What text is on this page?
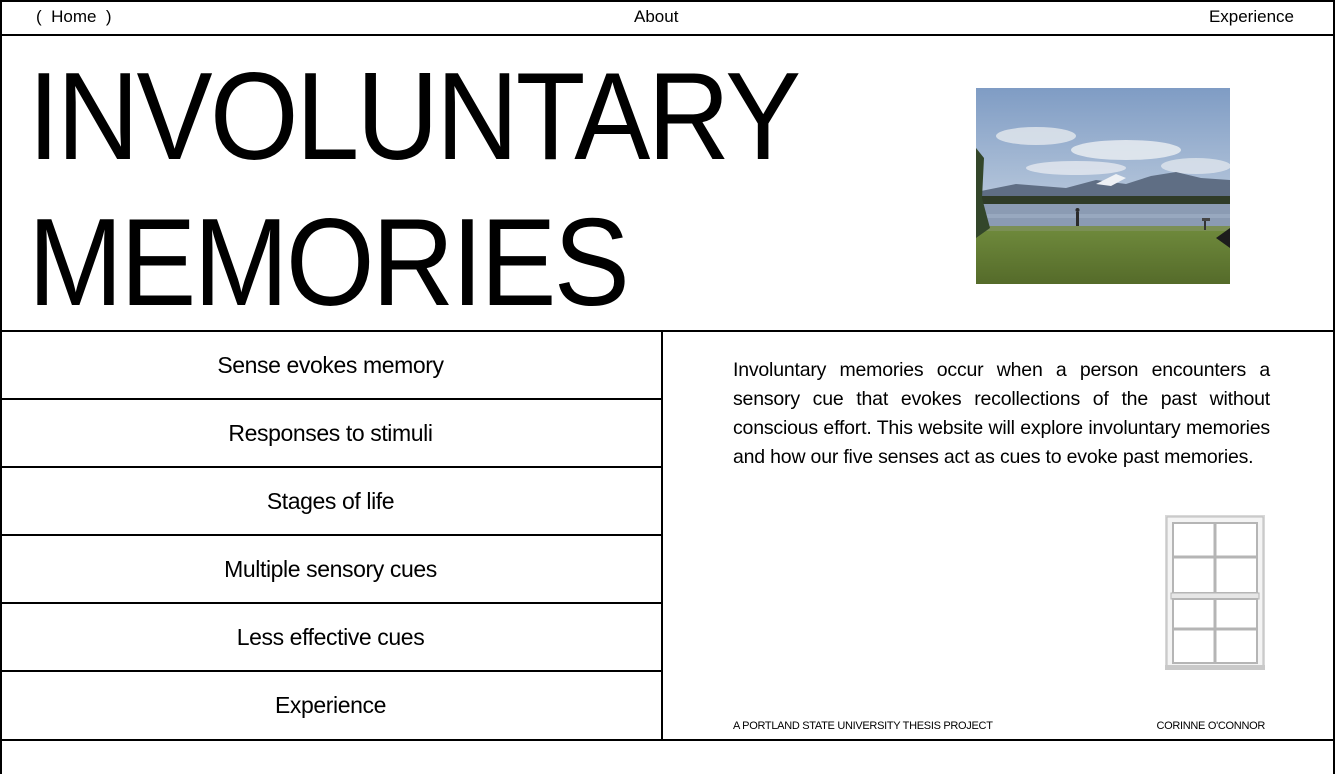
(  Home  )	About	Experience
INVOLUNTARY
MEMORIES
Sense evokes memory
Responses to stimuli
Stages of life
Multiple sensory cues
Less effective cues
Experience

Involuntary memories occur when a person encounters a sensory cue that evokes recollections of the past without conscious effort. This website will explore involuntary memories and how our five senses act as cues to evoke past memories.

A PORTLAND STATE UNIVERSITY THESIS PROJECT	CORINNE O'CONNOR
